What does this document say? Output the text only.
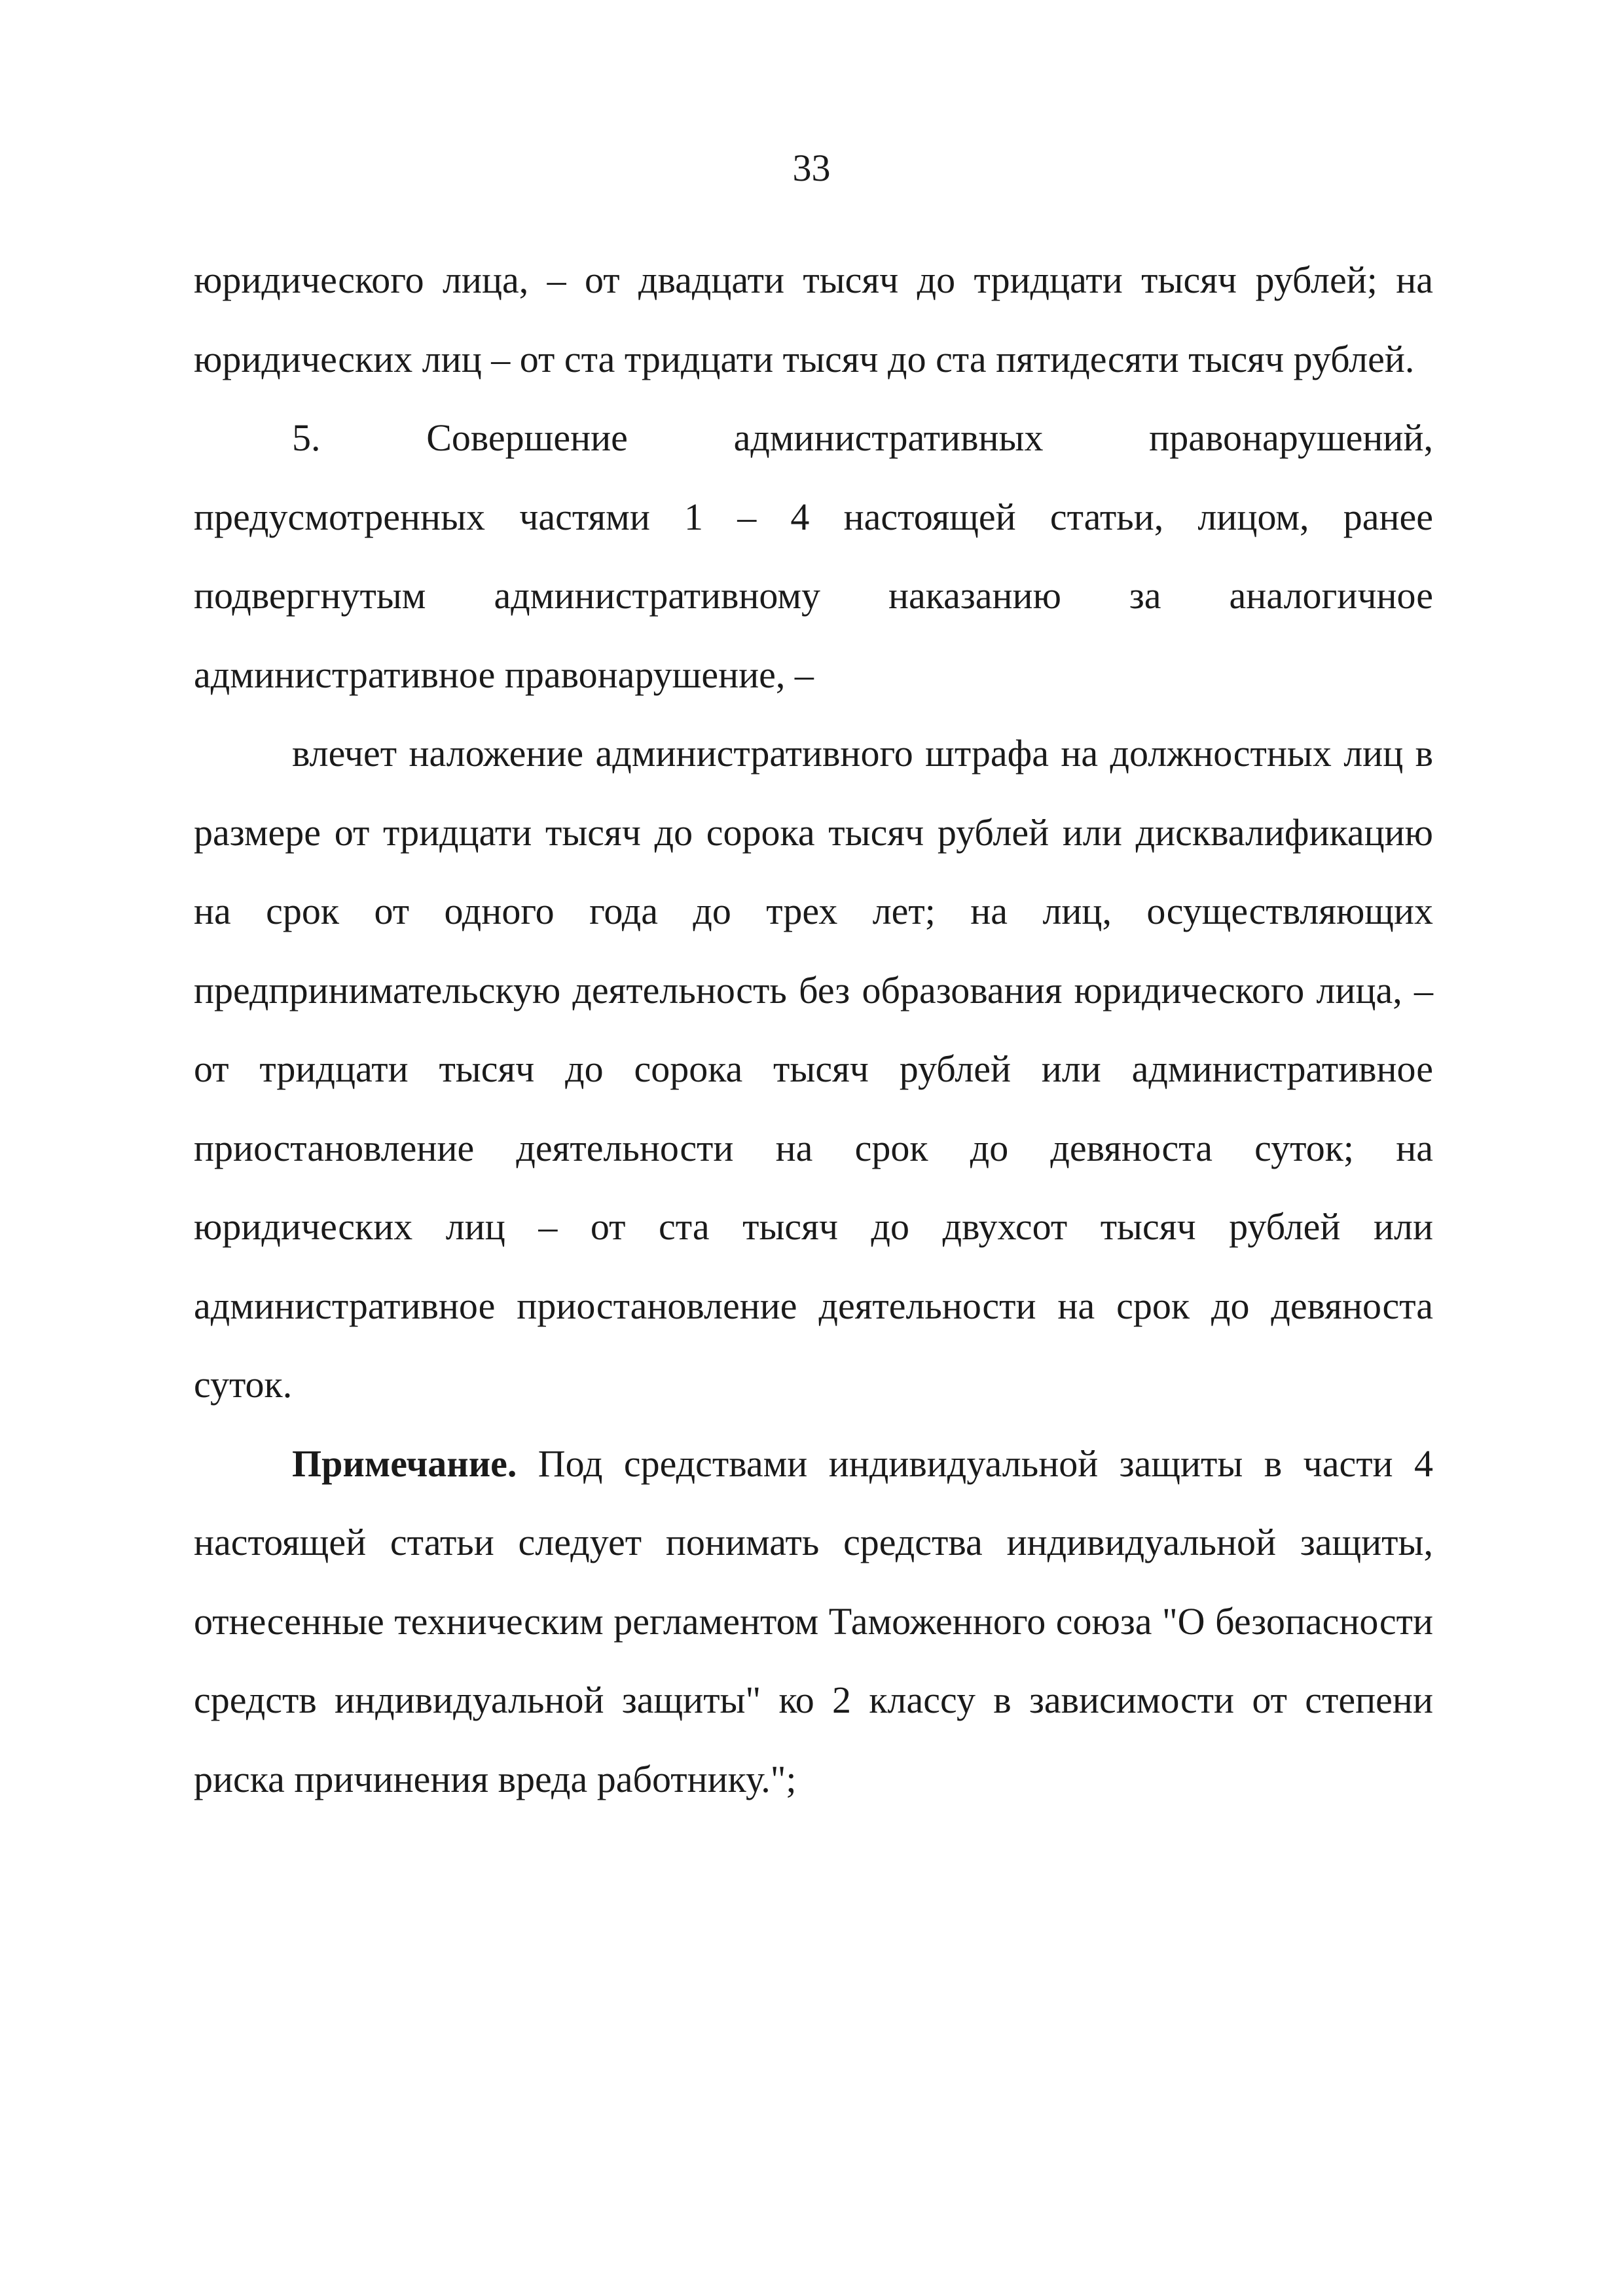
33

юридического лица, – от двадцати тысяч до тридцати тысяч рублей; на юридических лиц – от ста тридцати тысяч до ста пятидесяти тысяч рублей.

5. Совершение административных правонарушений, предусмотренных частями 1 – 4 настоящей статьи, лицом, ранее подвергнутым административному наказанию за аналогичное административное правонарушение, –

влечет наложение административного штрафа на должностных лиц в размере от тридцати тысяч до сорока тысяч рублей или дисквалификацию на срок от одного года до трех лет; на лиц, осуществляющих предпринимательскую деятельность без образования юридического лица, – от тридцати тысяч до сорока тысяч рублей или административное приостановление деятельности на срок до девяноста суток; на юридических лиц – от ста тысяч до двухсот тысяч рублей или административное приостановление деятельности на срок до девяноста суток.

Примечание. Под средствами индивидуальной защиты в части 4 настоящей статьи следует понимать средства индивидуальной защиты, отнесенные техническим регламентом Таможенного союза "О безопасности средств индивидуальной защиты" ко 2 классу в зависимости от степени риска причинения вреда работнику.";
